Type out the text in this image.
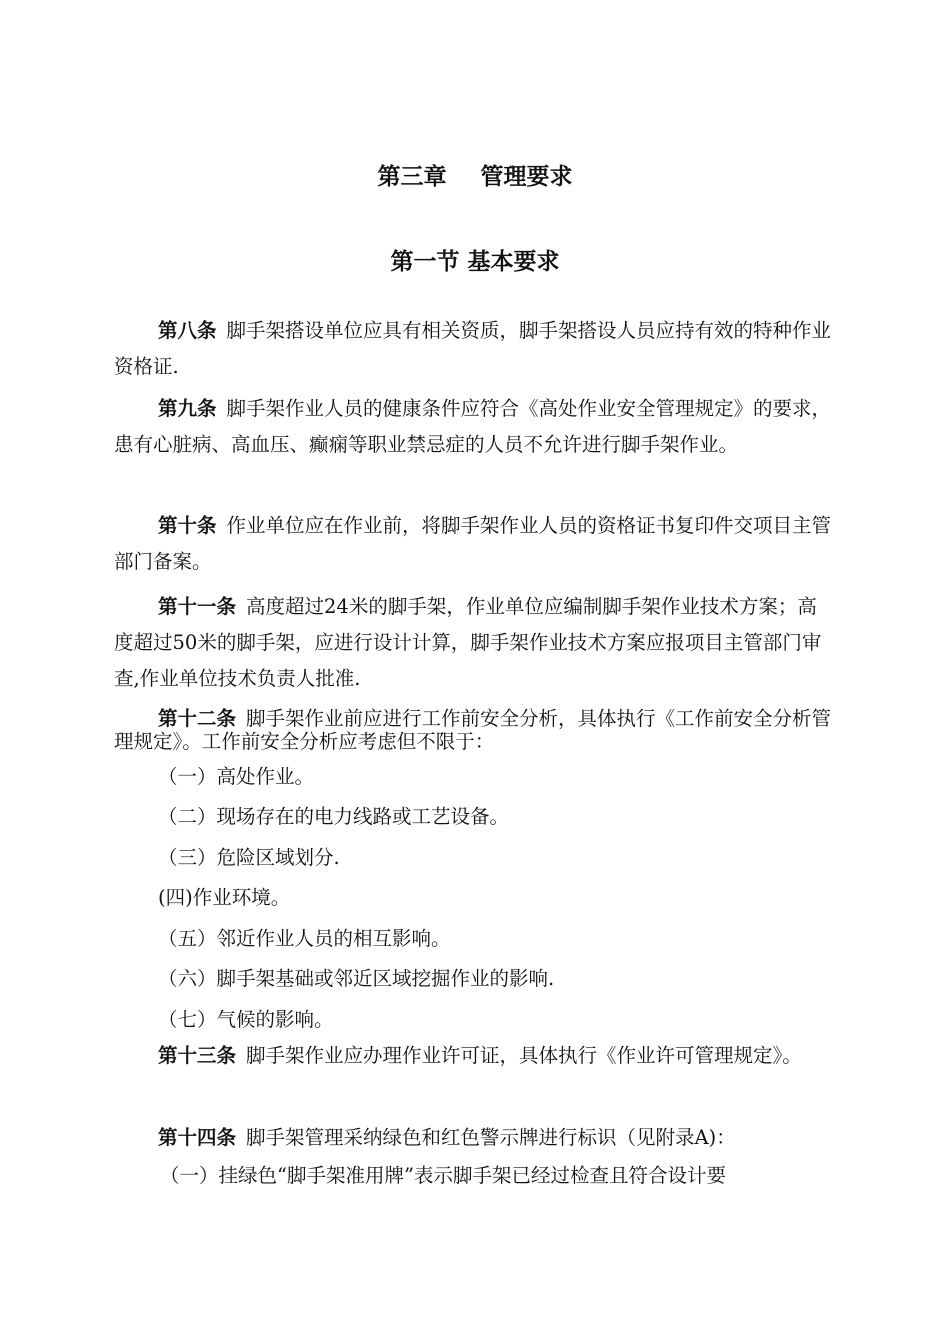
第三章 管理要求
第一节 基本要求

第八条 脚手架搭设单位应具有相关资质，脚手架搭设人员应持有效的特种作业资格证.

第九条 脚手架作业人员的健康条件应符合《高处作业安全管理规定》的要求，患有心脏病、高血压、癫痫等职业禁忌症的人员不允许进行脚手架作业。

第十条 作业单位应在作业前，将脚手架作业人员的资格证书复印件交项目主管部门备案。

第十一条 高度超过24米的脚手架，作业单位应编制脚手架作业技术方案；高度超过50米的脚手架，应进行设计计算，脚手架作业技术方案应报项目主管部门审查,作业单位技术负责人批准.

第十二条 脚手架作业前应进行工作前安全分析，具体执行《工作前安全分析管理规定》。工作前安全分析应考虑但不限于：

（一）高处作业。

（二）现场存在的电力线路或工艺设备。

（三）危险区域划分.

(四)作业环境。

（五）邻近作业人员的相互影响。

（六）脚手架基础或邻近区域挖掘作业的影响.

（七）气候的影响。

第十三条 脚手架作业应办理作业许可证，具体执行《作业许可管理规定》。

第十四条 脚手架管理采纳绿色和红色警示牌进行标识（见附录A)：

（一）挂绿色“脚手架准用牌”表示脚手架已经过检查且符合设计要
